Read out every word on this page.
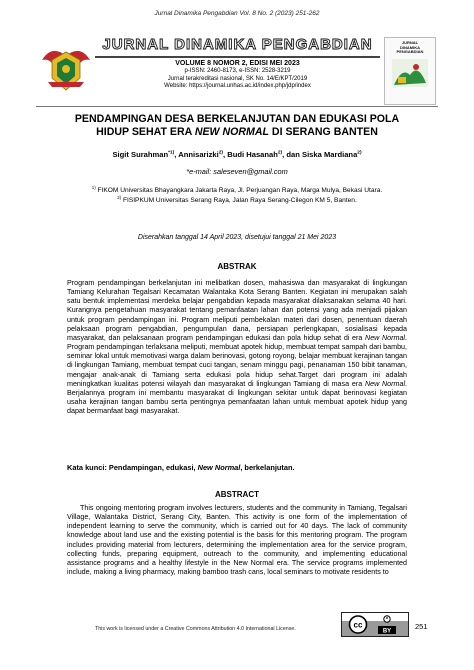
Jurnal Dinamika Pengabdian Vol. 8 No. 2 (2023) 251-262
JURNAL DINAMIKA PENGABDIAN
VOLUME 8 NOMOR 2, EDISI MEI 2023
p-ISSN: 2460-8173, e-ISSN: 2528-3219
Jurnal terakreditasi nasional, SK No. 14/E/KPT/2019
Website: https://journal.unhas.ac.id/index.php/jdp/index
JURNAL
DINAMIKA
PENGABDIAN
PENDAMPINGAN DESA BERKELANJUTAN DAN EDUKASI POLA
HIDUP SEHAT ERA NEW NORMAL DI SERANG BANTEN
Sigit Surahman$^{*1)}$, Annisarizki$^{2)}$, Budi Hasanah$^{2)}$, dan Siska Mardiana$^{2)}$
*e-mail: saleseven@gmail.com
$^{1)}$ FIKOM Universitas Bhayangkara Jakarta Raya, Jl. Perjuangan Raya, Marga Mulya, Bekasi Utara.
$^{2)}$ FISIPKUM Universitas Serang Raya, Jalan Raya Serang-Cilegon KM 5, Banten.
Diserahkan tanggal 14 April 2023, disetujui tanggal 21 Mei 2023
ABSTRAK
Program pendampingan berkelanjutan ini melibatkan dosen, mahasiswa dan masyarakat di lingkungan Tamiang Kelurahan Tegalsari Kecamatan Walantaka Kota Serang Banten. Kegiatan ini merupakan salah satu bentuk implementasi merdeka belajar pengabdian kepada masyarakat dilaksanakan selama 40 hari. Kurangnya pengetahuan masyarakat tentang pemanfaatan lahan dan potensi yang ada menjadi pijakan untuk program pendampingan ini. Program meliputi pembekalan materi dari dosen, penentuan daerah pelaksaan program pengabdian, pengumpulan dana, persiapan perlengkapan, sosialisasi kepada masyarakat, dan pelaksanaan program pendampingan edukasi dan pola hidup sehat di era New Normal. Program pendampingan terlaksana meliputi, membuat apotek hidup, membuat tempat sampah dari bambu, seminar lokal untuk memotivasi warga dalam berinovasi, gotong royong, belajar membuat kerajinan tangan di lingkungan Tamiang, membuat tempat cuci tangan, senam minggu pagi, penanaman 150 bibit tanaman, mengajar anak-anak di Tamiang serta edukasi pola hidup sehat.Target dari program ini adalah meningkatkan kualitas potensi wilayah dan masyarakat di lingkungan Tamiang di masa era New Normal. Berjalannya program ini membantu masyarakat di lingkungan sekitar untuk dapat berinovasi kegiatan usaha kerajinan tangan bambu serta pentingnya pemanfaatan lahan untuk membuat apotek hidup yang dapat bermanfaat bagi masyarakat.
Kata kunci: Pendampingan, edukasi, New Normal, berkelanjutan.
ABSTRACT
This ongoing mentoring program involves lecturers, students and the community in Tamiang, Tegalsari Village, Walantaka District, Serang City, Banten. This activity is one form of the implementation of independent learning to serve the community, which is carried out for 40 days. The lack of community knowledge about land use and the existing potential is the basis for this mentoring program. The program includes providing material from lecturers, determining the implementation area for the service program, collecting funds, preparing equipment, outreach to the community, and implementing educational assistance programs and a healthy lifestyle in the New Normal era. The service programs implemented include, making a living pharmacy, making bamboo trash cans, local seminars to motivate residents to
cc
BY
This work is licensed under a Creative Commons Attribution 4.0 International License.	251
